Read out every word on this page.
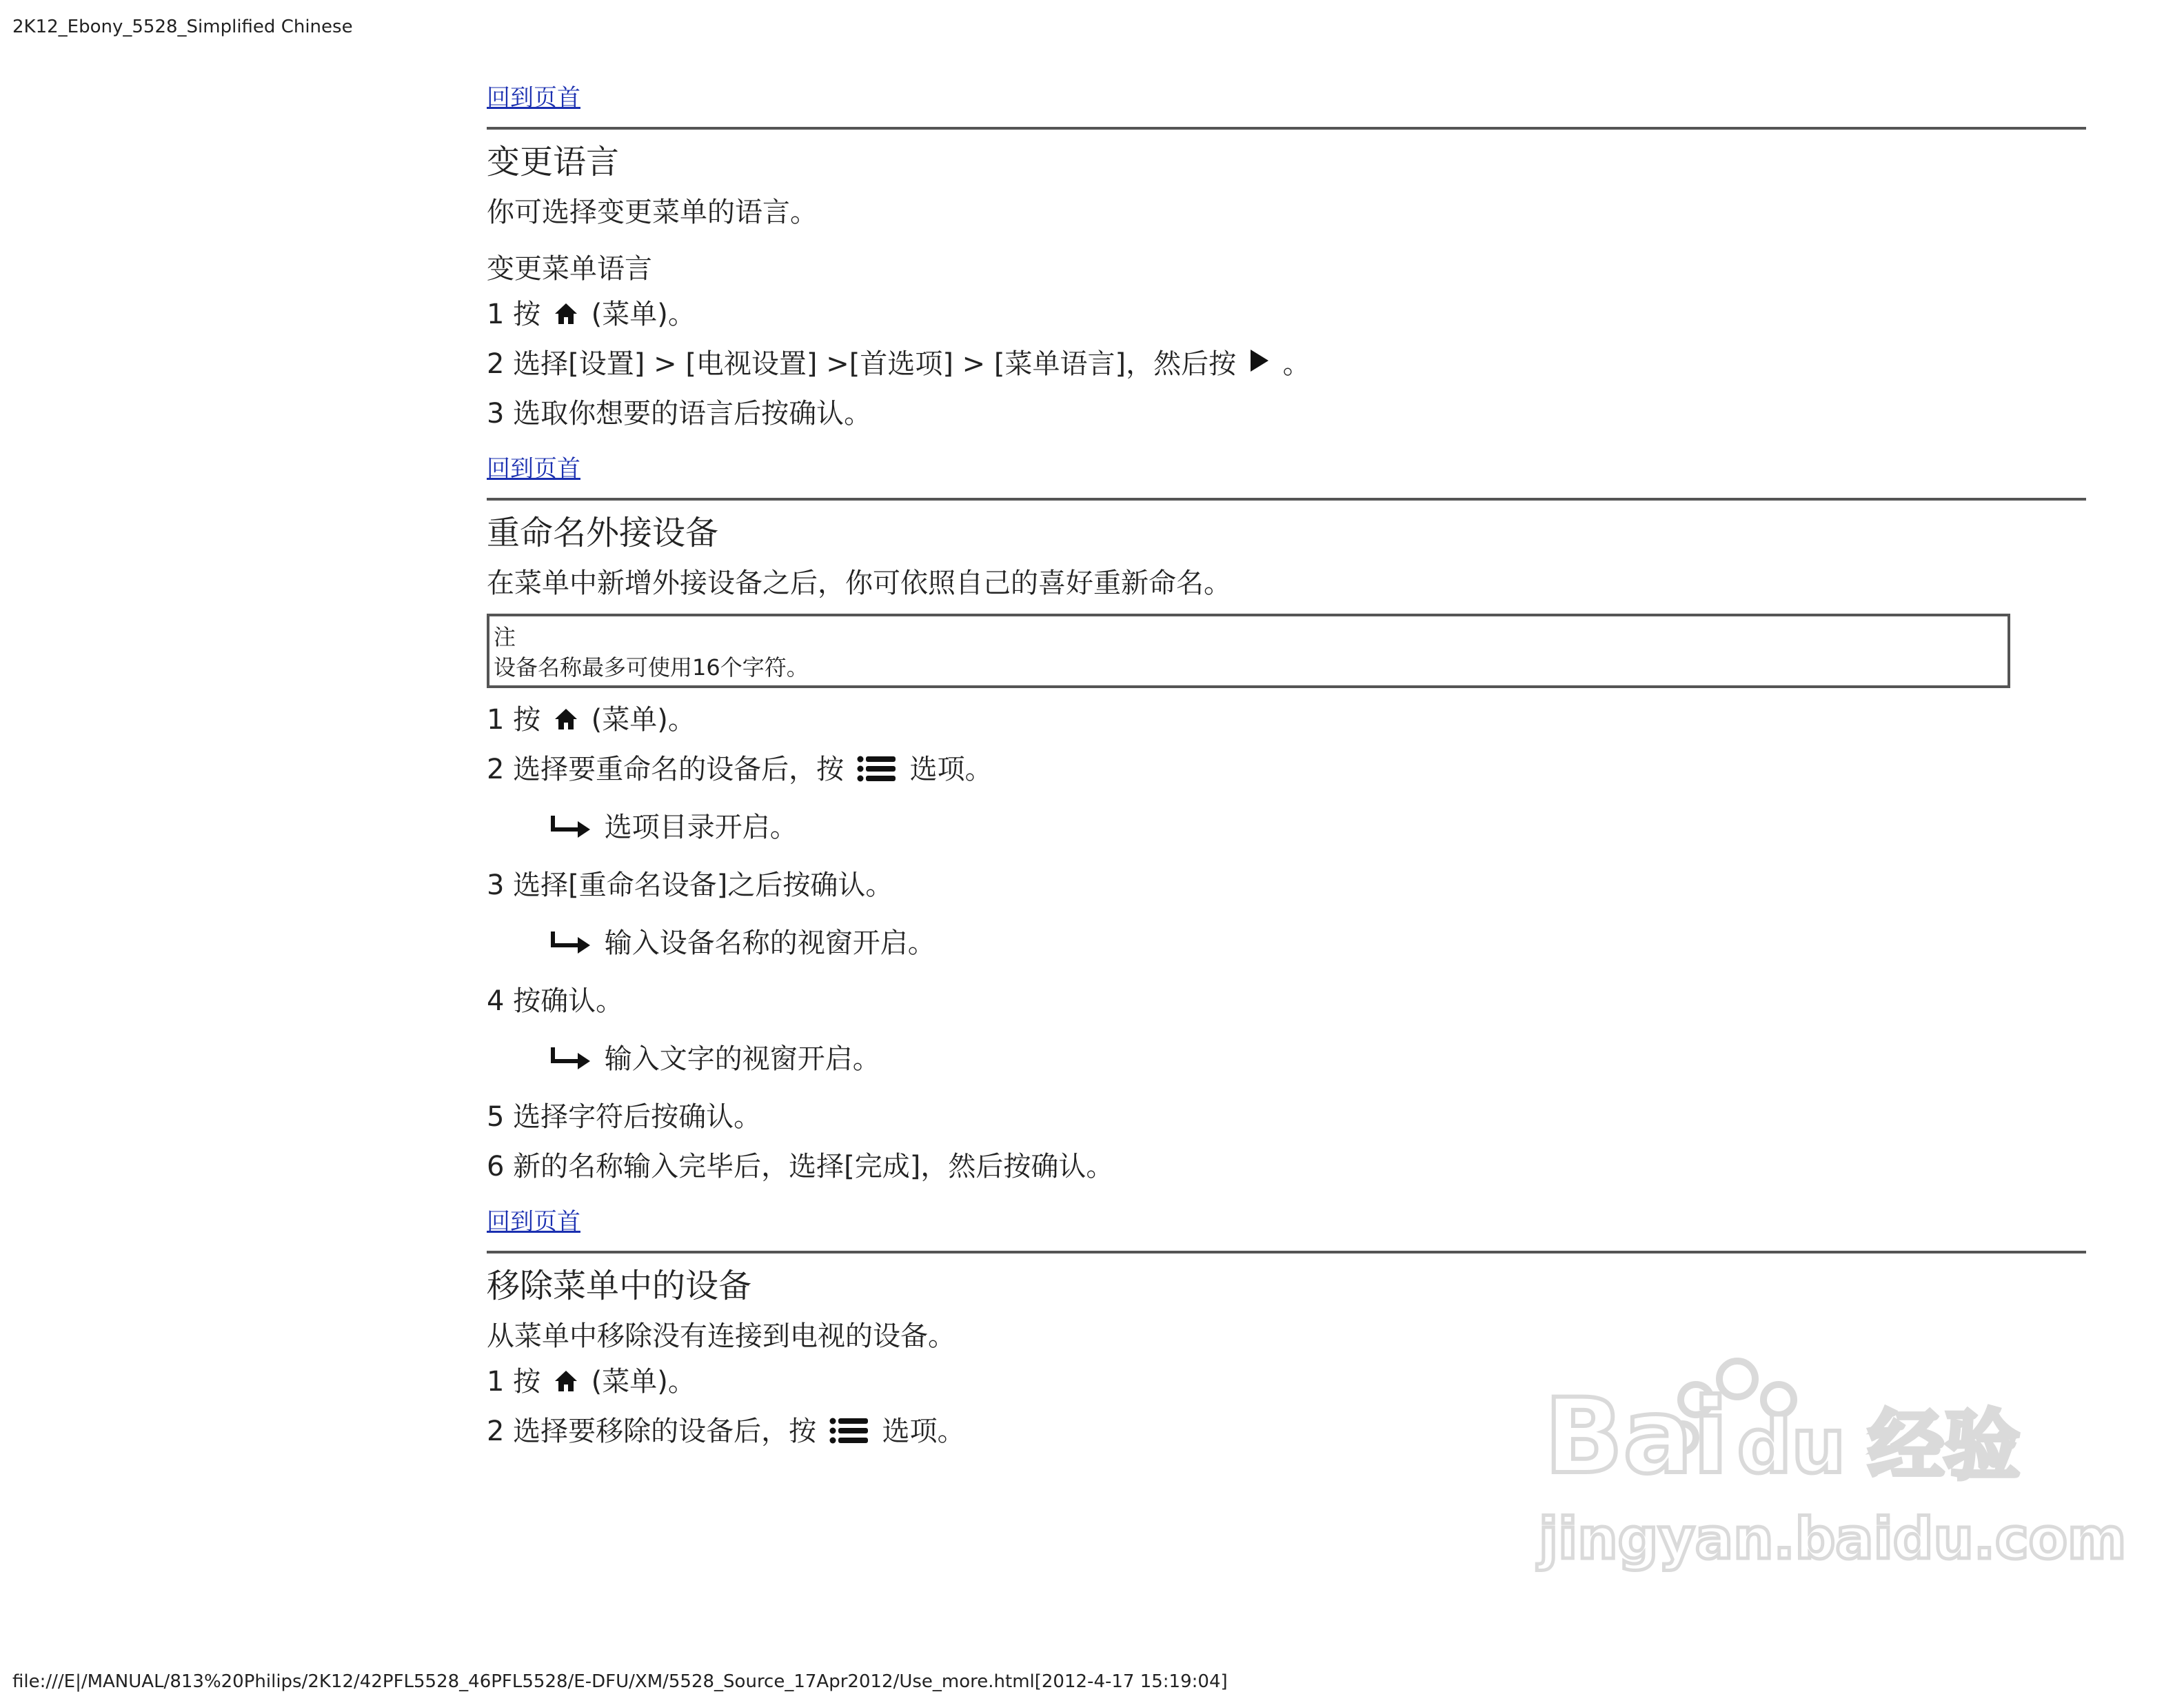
2K12_Ebony_5528_Simplified Chinese
回到页首
变更语言

你可选择变更菜单的语言。

变更菜单语言
1 按 (菜单)。
2 选择[设置] > [电视设置] >[首选项] > [菜单语言]，然后按 。
3 选取你想要的语言后按确认。
回到页首
重命名外接设备

在菜单中新增外接设备之后，你可依照自己的喜好重新命名。

注
设备名称最多可使用16个字符。
1 按 (菜单)。
2 选择要重命名的设备后，按 选项。
选项目录开启。
3 选择[重命名设备]之后按确认。
输入设备名称的视窗开启。
4 按确认。
输入文字的视窗开启。
5 选择字符后按确认。
6 新的名称输入完毕后，选择[完成]，然后按确认。
回到页首
移除菜单中的设备

从菜单中移除没有连接到电视的设备。

1 按 (菜单)。
2 选择要移除的设备后，按 选项。	Bai du 经验
jingyan.baidu.com
file:///E|/MANUAL/813%20Philips/2K12/42PFL5528_46PFL5528/E-DFU/XM/5528_Source_17Apr2012/Use_more.html[2012-4-17 15:19:04]
